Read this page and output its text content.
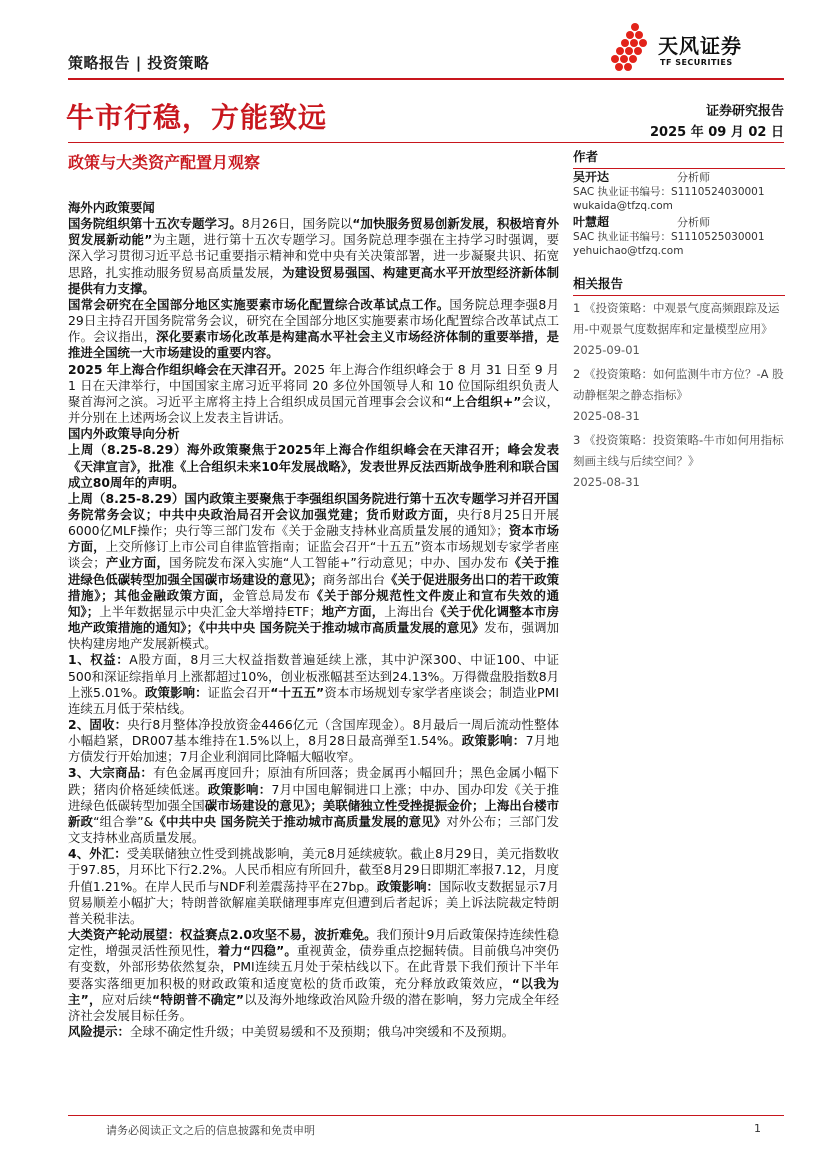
策略报告 | 投资策略
天风证券
TF SECURITIES
牛市行稳，方能致远	证券研究报告
2025 年 09 月 02 日
政策与大类资产配置月观察	作者
吴开达	分析师
SAC 执业证书编号：S1110524030001
wukaida@tfzq.com
叶慧超	分析师
SAC 执业证书编号：S1110525030001
yehuichao@tfzq.com
相关报告

1 《投资策略：中观景气度高频跟踪及运用-中观景气度数据库和定量模型应用》 2025-09-01

2 《投资策略：如何监测牛市方位？-A 股动静框架之静态指标》
2025-08-31

3 《投资策略：投资策略-牛市如何用指标刻画主线与后续空间？》
2025-08-31

海外内政策要闻

国务院组织第十五次专题学习。8月26日，国务院以“加快服务贸易创新发展，积极培育外贸发展新动能”为主题，进行第十五次专题学习。国务院总理李强在主持学习时强调，要深入学习贯彻习近平总书记重要指示精神和党中央有关决策部署，进一步凝聚共识、拓宽思路，扎实推动服务贸易高质量发展，为建设贸易强国、构建更高水平开放型经济新体制提供有力支撑。

国常会研究在全国部分地区实施要素市场化配置综合改革试点工作。国务院总理李强8月29日主持召开国务院常务会议，研究在全国部分地区实施要素市场化配置综合改革试点工作。会议指出，深化要素市场化改革是构建高水平社会主义市场经济体制的重要举措，是推进全国统一大市场建设的重要内容。

2025 年上海合作组织峰会在天津召开。2025 年上海合作组织峰会于 8 月 31 日至 9 月 1 日在天津举行，中国国家主席习近平将同 20 多位外国领导人和 10 位国际组织负责人聚首海河之滨。习近平主席将主持上合组织成员国元首理事会会议和“上合组织+”会议，并分别在上述两场会议上发表主旨讲话。

国内外政策导向分析

上周（8.25-8.29）海外政策聚焦于2025年上海合作组织峰会在天津召开；峰会发表《天津宣言》，批准《上合组织未来10年发展战略》，发表世界反法西斯战争胜利和联合国成立80周年的声明。

上周（8.25-8.29）国内政策主要聚焦于李强组织国务院进行第十五次专题学习并召开国务院常务会议；中共中央政治局召开会议加强党建；货币财政方面，央行8月25日开展6000亿MLF操作；央行等三部门发布《关于金融支持林业高质量发展的通知》；资本市场方面，上交所修订上市公司自律监管指南；证监会召开“十五五”资本市场规划专家学者座谈会；产业方面，国务院发布深入实施“人工智能+”行动意见；中办、国办发布《关于推进绿色低碳转型加强全国碳市场建设的意见》；商务部出台《关于促进服务出口的若干政策措施》；其他金融政策方面，金管总局发布《关于部分规范性文件废止和宣布失效的通知》；上半年数据显示中央汇金大举增持ETF；地产方面，上海出台《关于优化调整本市房地产政策措施的通知》；《中共中央 国务院关于推动城市高质量发展的意见》发布，强调加快构建房地产发展新模式。

1、权益：A股方面，8月三大权益指数普遍延续上涨，其中沪深300、中证100、中证500和深证综指单月上涨都超过10%，创业板涨幅甚至达到24.13%。万得微盘股指数8月上涨5.01%。政策影响：证监会召开“十五五”资本市场规划专家学者座谈会；制造业PMI连续五月低于荣枯线。

2、固收：央行8月整体净投放资金4466亿元（含国库现金）。8月最后一周后流动性整体小幅趋紧，DR007基本维持在1.5%以上，8月28日最高弹至1.54%。政策影响：7月地方债发行开始加速；7月企业利润同比降幅大幅收窄。

3、大宗商品：有色金属再度回升；原油有所回落；贵金属再小幅回升；黑色金属小幅下跌；猪肉价格延续低迷。政策影响：7月中国电解铜进口上涨；中办、国办印发《关于推进绿色低碳转型加强全国碳市场建设的意见》；美联储独立性受挫提振金价；上海出台楼市新政“组合拳”&《中共中央 国务院关于推动城市高质量发展的意见》对外公布；三部门发文支持林业高质量发展。

4、外汇：受美联储独立性受到挑战影响，美元8月延续疲软。截止8月29日，美元指数收于97.85，月环比下行2.2%。人民币相应有所回升，截至8月29日即期汇率报7.12，月度升值1.21%。在岸人民币与NDF利差震荡持平在27bp。政策影响：国际收支数据显示7月贸易顺差小幅扩大；特朗普欲解雇美联储理事库克但遭到后者起诉；美上诉法院裁定特朗普关税非法。

大类资产轮动展望：权益赛点2.0攻坚不易，波折难免。我们预计9月后政策保持连续性稳定性，增强灵活性预见性，着力“四稳”。重视黄金，债券重点挖掘转债。目前俄乌冲突仍有变数，外部形势依然复杂，PMI连续五月处于荣枯线以下。在此背景下我们预计下半年要落实落细更加积极的财政政策和适度宽松的货币政策，充分释放政策效应，“以我为主”，应对后续“特朗普不确定”以及海外地缘政治风险升级的潜在影响，努力完成全年经济社会发展目标任务。

风险提示：全球不确定性升级；中美贸易缓和不及预期；俄乌冲突缓和不及预期。

请务必阅读正文之后的信息披露和免责申明	1
